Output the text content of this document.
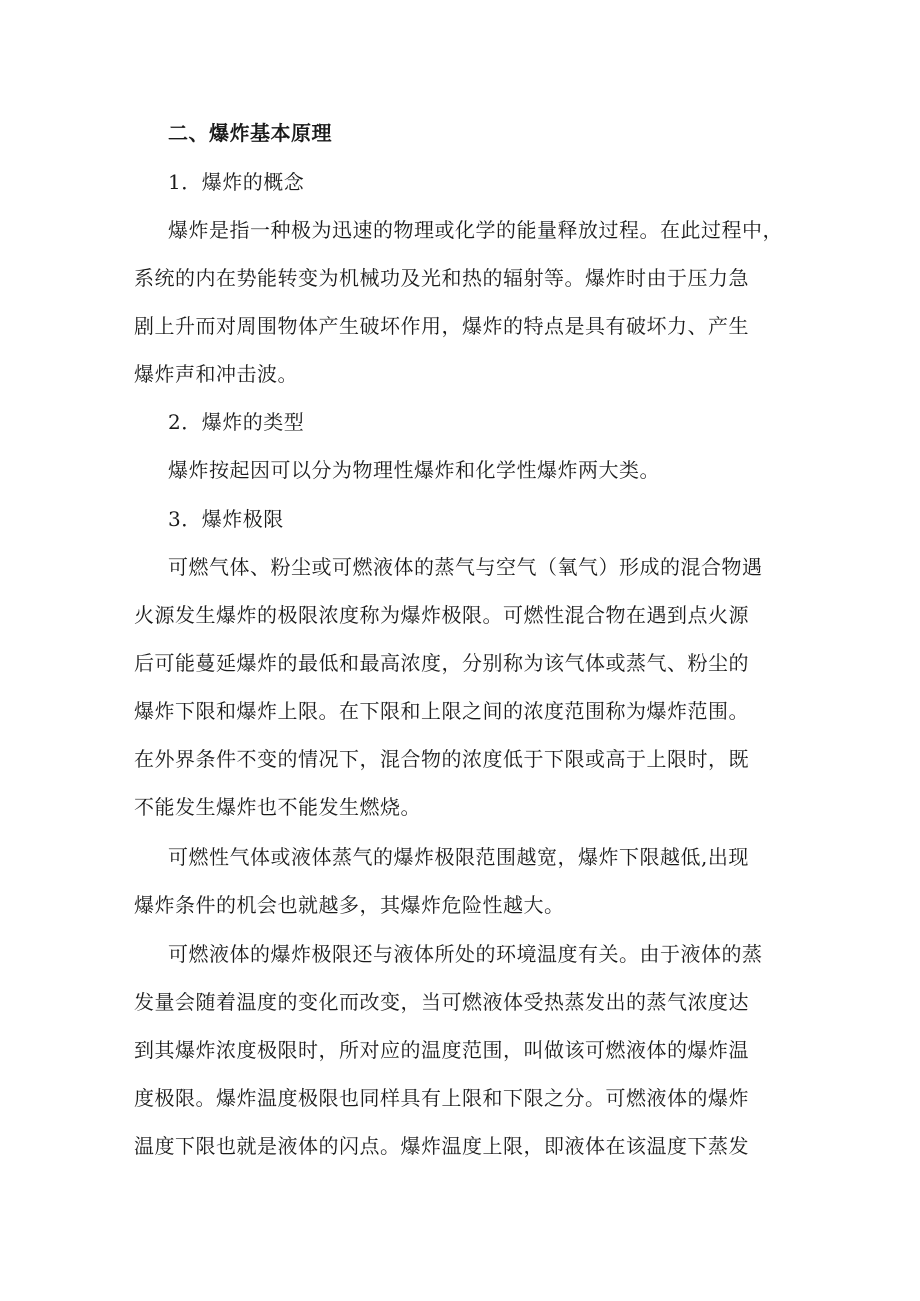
二、爆炸基本原理
1．爆炸的概念
爆炸是指一种极为迅速的物理或化学的能量释放过程。在此过程中，
系统的内在势能转变为机械功及光和热的辐射等。爆炸时由于压力急
剧上升而对周围物体产生破坏作用，爆炸的特点是具有破坏力、产生
爆炸声和冲击波。
2．爆炸的类型
爆炸按起因可以分为物理性爆炸和化学性爆炸两大类。
3．爆炸极限
可燃气体、粉尘或可燃液体的蒸气与空气（氧气）形成的混合物遇
火源发生爆炸的极限浓度称为爆炸极限。可燃性混合物在遇到点火源
后可能蔓延爆炸的最低和最高浓度，分别称为该气体或蒸气、粉尘的
爆炸下限和爆炸上限。在下限和上限之间的浓度范围称为爆炸范围。
在外界条件不变的情况下，混合物的浓度低于下限或高于上限时，既
不能发生爆炸也不能发生燃烧。
可燃性气体或液体蒸气的爆炸极限范围越宽，爆炸下限越低,出现
爆炸条件的机会也就越多，其爆炸危险性越大。
可燃液体的爆炸极限还与液体所处的环境温度有关。由于液体的蒸
发量会随着温度的变化而改变，当可燃液体受热蒸发出的蒸气浓度达
到其爆炸浓度极限时，所对应的温度范围，叫做该可燃液体的爆炸温
度极限。爆炸温度极限也同样具有上限和下限之分。可燃液体的爆炸
温度下限也就是液体的闪点。爆炸温度上限，即液体在该温度下蒸发
